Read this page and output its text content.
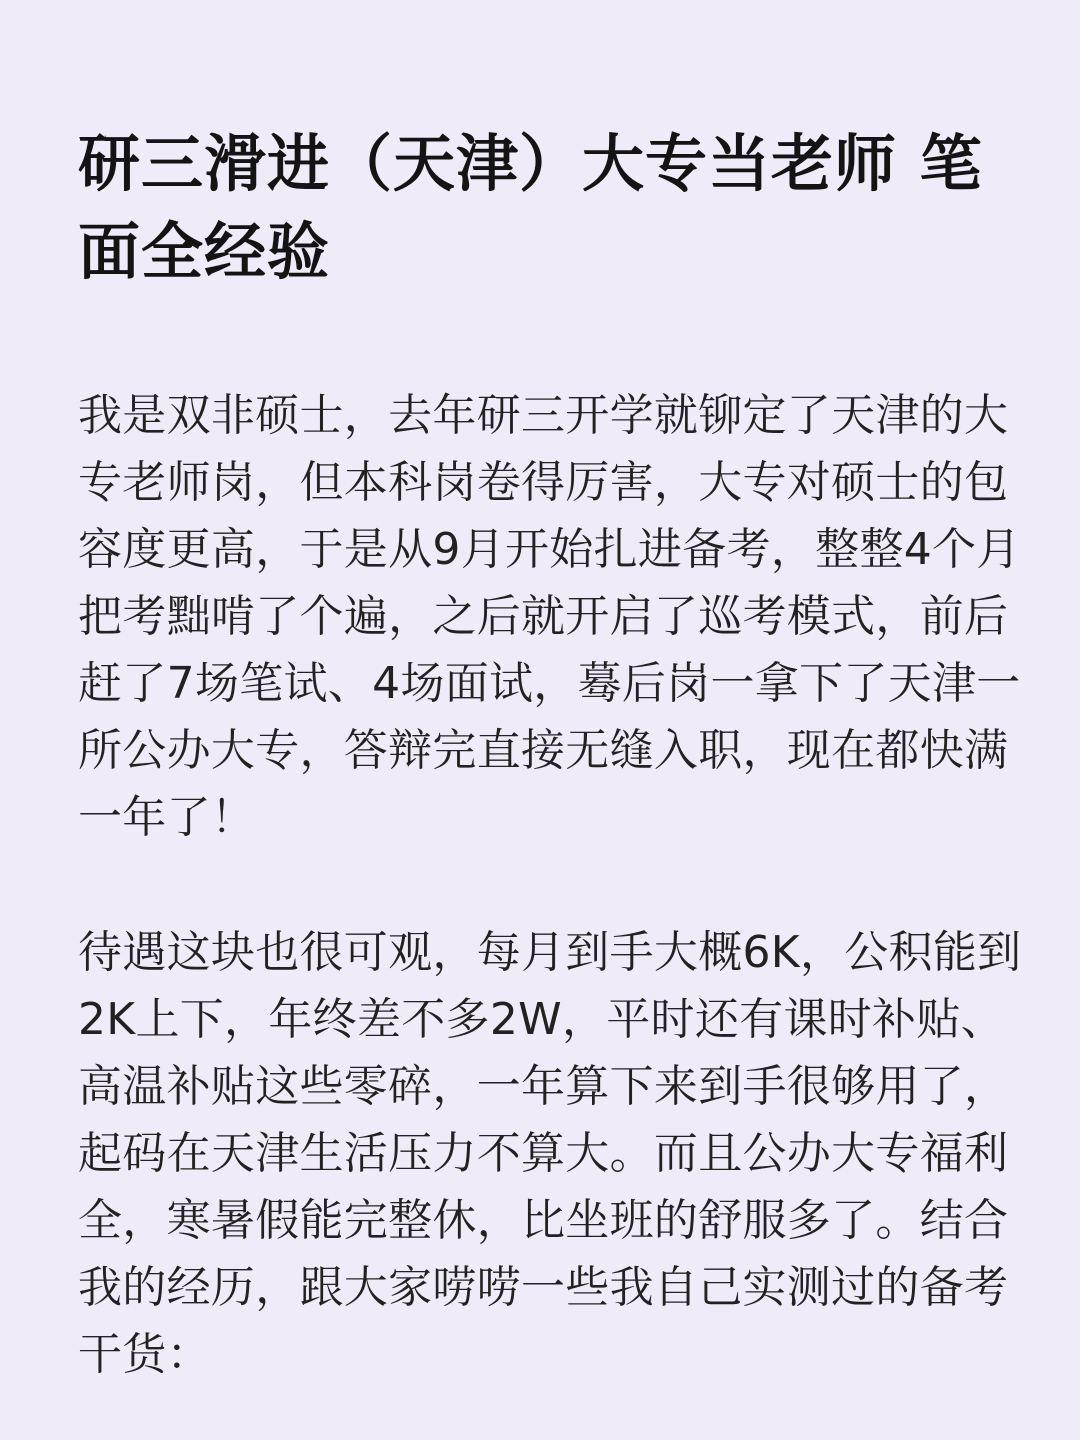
研三滑进（天津）大专当老师 笔面全经验

我是双非硕士，去年研三开学就铆定了天津的大专老师岗，但本科岗卷得厉害，大专对硕士的包容度更高，于是从9月开始扎进备考，整整4个月把考黜啃了个遍，之后就开启了巡考模式，前后赶了7场笔试、4场面试，蓦后岗一拿下了天津一所公办大专，答辩完直接无缝入职，现在都快满一年了！

待遇这块也很可观，每月到手大概6K，公积能到2K上下，年终差不多2W，平时还有课时补贴、高温补贴这些零碎，一年算下来到手很够用了，起码在天津生活压力不算大。而且公办大专福利全，寒暑假能完整休，比坐班的舒服多了。结合我的经历，跟大家唠唠一些我自己实测过的备考干货：
